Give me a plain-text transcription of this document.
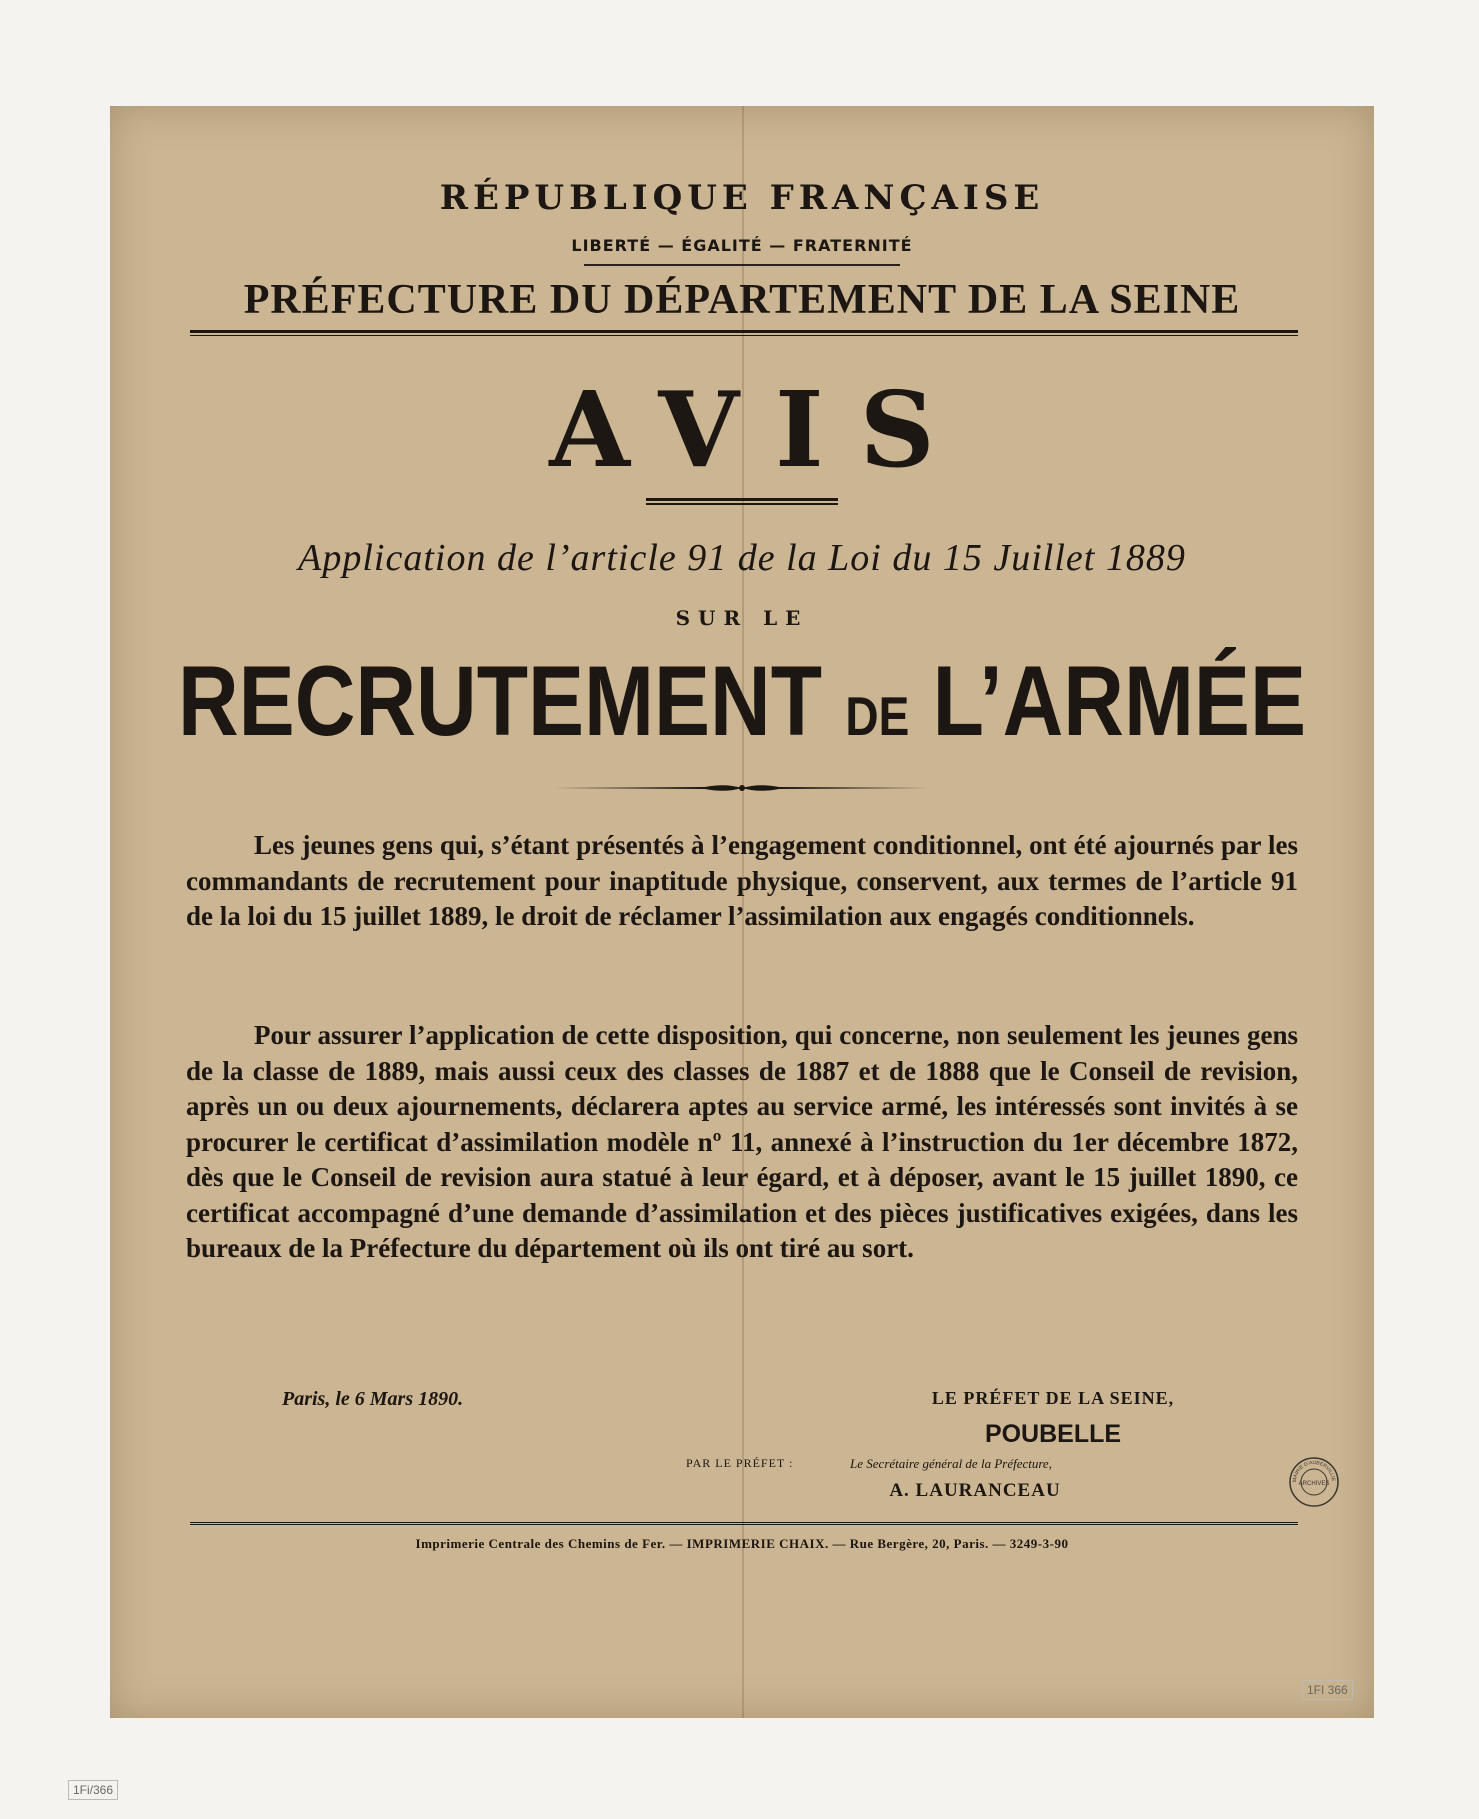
RÉPUBLIQUE FRANÇAISE
LIBERTÉ — ÉGALITÉ — FRATERNITÉ
PRÉFECTURE DU DÉPARTEMENT DE LA SEINE
AVIS
Application de l’article 91 de la Loi du 15 Juillet 1889
SUR LE
RECRUTEMENT DE L’ARMÉE

Les jeunes gens qui, s’étant présentés à l’engagement conditionnel, ont été ajournés par les commandants de recrutement pour inaptitude physique, conservent, aux termes de l’article 91 de la loi du 15 juillet 1889, le droit de réclamer l’assimilation aux engagés conditionnels.

Pour assurer l’application de cette disposition, qui concerne, non seulement les jeunes gens de la classe de 1889, mais aussi ceux des classes de 1887 et de 1888 que le Conseil de revision, après un ou deux ajournements, déclarera aptes au service armé, les intéressés sont invités à se procurer le certificat d’assimilation modèle nº 11, annexé à l’instruction du 1er décembre 1872, dès que le Conseil de revision aura statué à leur égard, et à déposer, avant le 15 juillet 1890, ce certificat accompagné d’une demande d’assimilation et des pièces justificatives exigées, dans les bureaux de la Préfecture du département où ils ont tiré au sort.

Paris, le 6 Mars 1890.	LE PRÉFET DE LA SEINE,
POUBELLE
PAR LE PRÉFET :	Le Secrétaire général de la Préfecture,
A. LAURANCEAU	ARCHIVES
MAIRIE D'AUBERVILLIE
Imprimerie Centrale des Chemins de Fer. — IMPRIMERIE CHAIX. — Rue Bergère, 20, Paris. — 3249-3-90
1FI 366
1Fi/366
